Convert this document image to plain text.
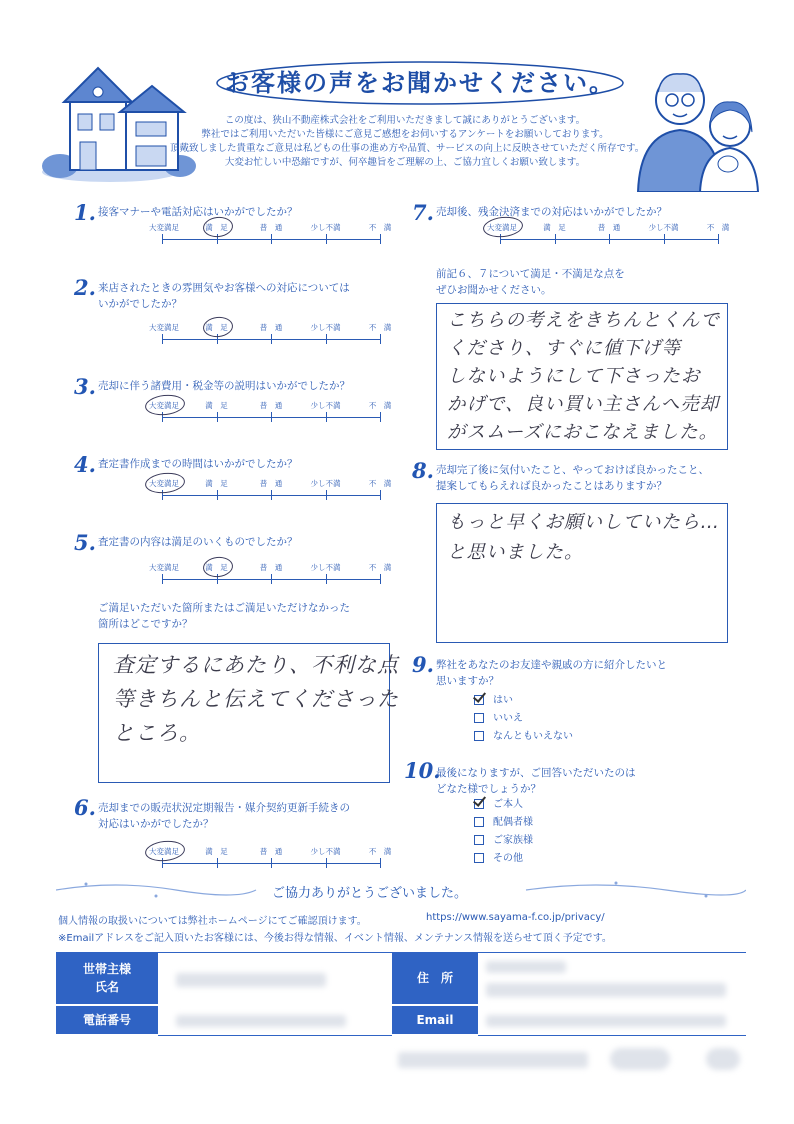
お客様の声をお聞かせください。
この度は、狭山不動産株式会社をご利用いただきまして誠にありがとうございます。
弊社ではご利用いただいた皆様にご意見ご感想をお伺いするアンケートをお願いしております。
頂戴致しました貴重なご意見は私どもの仕事の進め方や品質、サービスの向上に反映させていただく所存です。
大変お忙しい中恐縮ですが、何卒趣旨をご理解の上、ご協力宜しくお願い致します。
1. 接客マナーや電話対応はいかがでしたか？
大変満足	満　足	普　通	少し不満	不　満
2. 来店されたときの雰囲気やお客様への対応については
いかがでしたか？
大変満足	満　足	普　通	少し不満	不　満
3. 売却に伴う諸費用・税金等の説明はいかがでしたか？
大変満足	満　足	普　通	少し不満	不　満
4. 査定書作成までの時間はいかがでしたか？
大変満足	満　足	普　通	少し不満	不　満
5. 査定書の内容は満足のいくものでしたか？
大変満足	満　足	普　通	少し不満	不　満
ご満足いただいた箇所またはご満足いただけなかった
箇所はどこですか？
査定するにあたり、不利な点
等きちんと伝えてくださった
ところ。
6. 売却までの販売状況定期報告・媒介契約更新手続きの
対応はいかがでしたか？
大変満足	満　足	普　通	少し不満	不　満
7. 売却後、残金決済までの対応はいかがでしたか？
大変満足	満　足	普　通	少し不満	不　満
前記６、７について満足・不満足な点を
ぜひお聞かせください。
こちらの考えをきちんとくんで
くださり、すぐに値下げ等
しないようにして下さったお
かげで、良い買い主さんへ売却
がスムーズにおこなえました。
8. 売却完了後に気付いたこと、やっておけば良かったこと、
提案してもらえれば良かったことはありますか？
もっと早くお願いしていたら…
と思いました。
9. 弊社をあなたのお友達や親戚の方に紹介したいと
思いますか？
はい
いいえ
なんともいえない
10.
最後になりますが、ご回答いただいたのは
どなた様でしょうか？
ご本人
配偶者様
ご家族様
その他
ご協力ありがとうございました。
個人情報の取扱いについては弊社ホームページにてご確認頂けます。	https://www.sayama-f.co.jp/privacy/
※Emailアドレスをご記入頂いたお客様には、今後お得な情報、イベント情報、メンテナンス情報を送らせて頂く予定です。
世帯主様
氏名
電話番号
住　所
Email
